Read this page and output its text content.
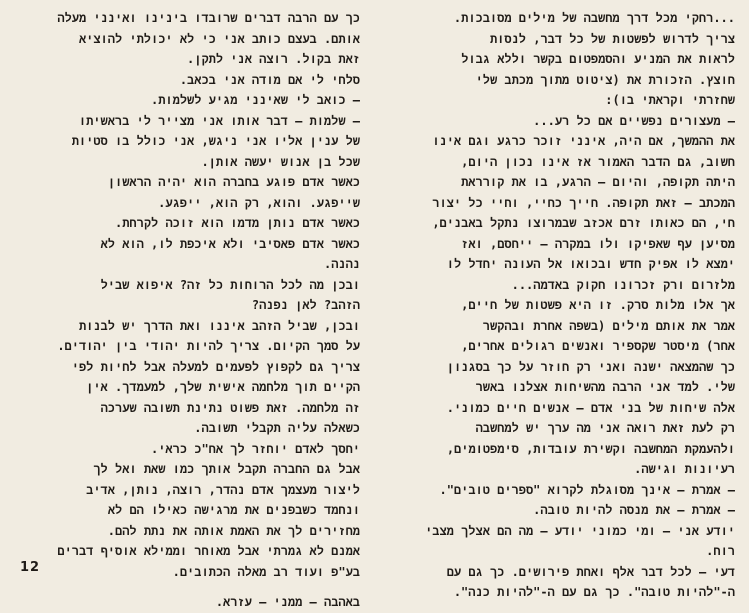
...רחקי מכל דרך מחשבה של מילים מסובכות.
צריך לדרוש לפשטות של כל דבר, לנסות
לראות את המניע והסמפטום בקשר וללא גבול
חוצץ. הזכורת את (ציטוט מתוך מכתב שלי
שחזרתי וקראתי בו):
– מעצורים נפשיים אם כל רע...
את ההמשך, אם היה, אינני זוכר כרגע וגם אינו
חשוב, גם הדבר האמור אז אינו נכון היום,
היתה תקופה, והיום – הרגע, בו את קורראת
המכתב – זאת תקופה. חייך כחיי, וחיי כל יצור
חי, הם כאותו זרם אכזב שבמרוצו נתקל באבנים,
מסיען עף שאפיקו ולו במקרה – ייחסם, ואז
ימצא לו אפיק חדש ובכואו אל העונה יחדל לו
מלזרום ורק זכרונו חקוק באדמה...
אך אלו מלות סרק. זו היא פשטות של חיים,
אמר את אותם מילים (בשפה אחרת ובהקשר
אחר) מיסטר שקספיר ואנשים רגולים אחרים,
כך שהמצאה ישנה ואני רק חוזר על כך בסגנון
שלי. למד אני הרבה מהשיחות אצלנו באשר
אלה שיחות של בני אדם – אנשים חיים כמוני.
רק לעת זאת רואה אני מה ערך יש למחשבה
ולהעמקת המחשבה וקשירת עובדות, סימפטומים,
רעיונות וגישה.
– אמרת – אינך מסוגלת לקרוא "ספרים טובים".
– אמרת – את מנסה להיות טובה.
יודע אני – ומי כמוני יודע – מה הם אצלך מצבי
רוח.
דעי – לכל דבר אלף ואחת פירושים. כך גם עם
ה-"להיות טובה". כך גם עם ה-"להיות כנה".
כך עם הרבה דברים שרובדו בינינו ואינני מעלה
אותם. בעצם כותב אני כי לא יכולתי להוציא
זאת בקול. רוצה אני לתקן.
סלחי לי אם מודה אני בכאב.
– כואב לי שאינני מגיע לשלמות.
– שלמות – דבר אותו אני מצייר לי בראשיתו
של ענין אליו אני ניגש, אני כולל בו סטיות
שכל בן אנוש יעשה אותן.
כאשר אדם פוגע בחברה הוא יהיה הראשון
שייפגע. והוא, רק הוא, ייפגע.
כאשר אדם נותן מדמו הוא זוכה לקרחת.
כאשר אדם פאסיבי ולא איכפת לו, הוא לא
נהנה.
ובכן מה לכל הרוחות כל זה? איפוא שביל
הזהב? לאן נפנה?
ובכן, שביל הזהב איננו ואת הדרך יש לבנות
על סמך הקיום. צריך להיות יהודי בין יהודים.
צריך גם לקפוץ לפעמים למעלה אבל לחיות לפי
הקיים תוך מלחמה אישית שלך, למעמדך. אין
זה מלחמה. זאת פשוט נתינת תשובה שערכה
כשאלה עליה תקבלי תשובה.
יחסך לאדם יוחזר לך אח"כ כראי.
אבל גם החברה תקבל אותך כמו שאת ואל לך
ליצור מעצמך אדם נהדר, רוצה, נותן, אדיב
ונחמד כשבפנים את מרגישה כאילו הם לא
מחזירים לך את האמת אותה את נתת להם.
אמנם לא גמרתי אבל מאוחר וממילא אוסיף דברים
בע"פ ועוד רב מאלה הכתובים.
באהבה – ממני – עזרא.
12
